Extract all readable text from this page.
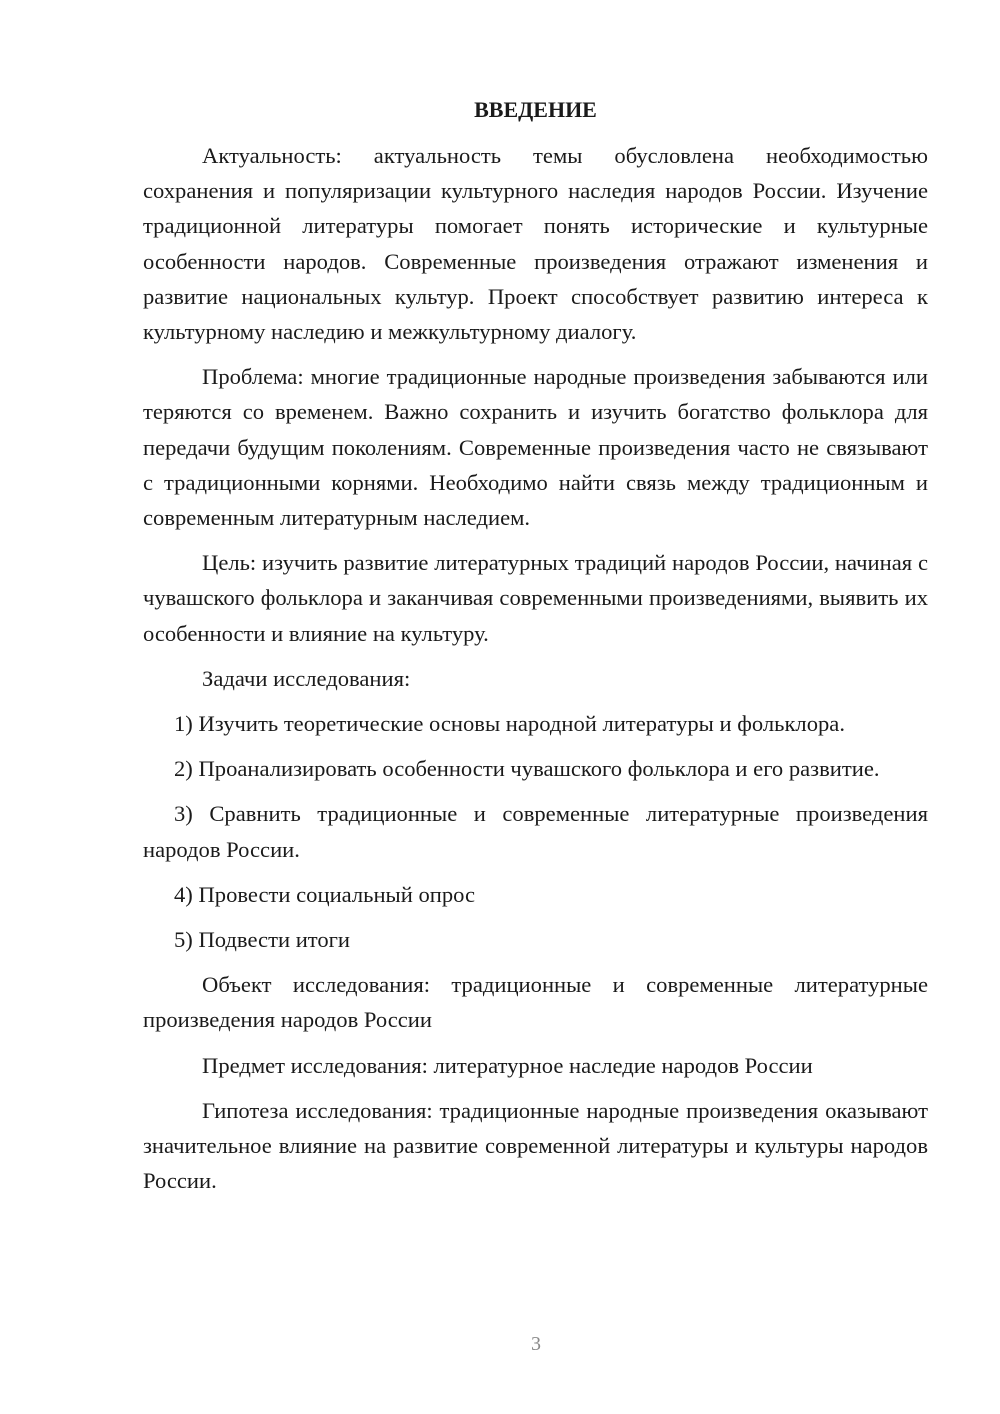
ВВЕДЕНИЕ

Актуальность: актуальность темы обусловлена необходимостью сохранения и популяризации культурного наследия народов России. Изучение традиционной литературы помогает понять исторические и культурные особенности народов. Современные произведения отражают изменения и развитие национальных культур. Проект способствует развитию интереса к культурному наследию и межкультурному диалогу.

Проблема: многие традиционные народные произведения забываются или теряются со временем. Важно сохранить и изучить богатство фольклора для передачи будущим поколениям. Современные произведения часто не связывают с традиционными корнями. Необходимо найти связь между традиционным и современным литературным наследием.

Цель: изучить развитие литературных традиций народов России, начиная с чувашского фольклора и заканчивая современными произведениями, выявить их особенности и влияние на культуру.

Задачи исследования:

1) Изучить теоретические основы народной литературы и фольклора.

2) Проанализировать особенности чувашского фольклора и его развитие.

3) Сравнить традиционные и современные литературные произведения народов России.

4) Провести социальный опрос

5) Подвести итоги

Объект исследования: традиционные и современные литературные произведения народов России

Предмет исследования: литературное наследие народов России

Гипотеза исследования: традиционные народные произведения оказывают значительное влияние на развитие современной литературы и культуры народов России.

3
